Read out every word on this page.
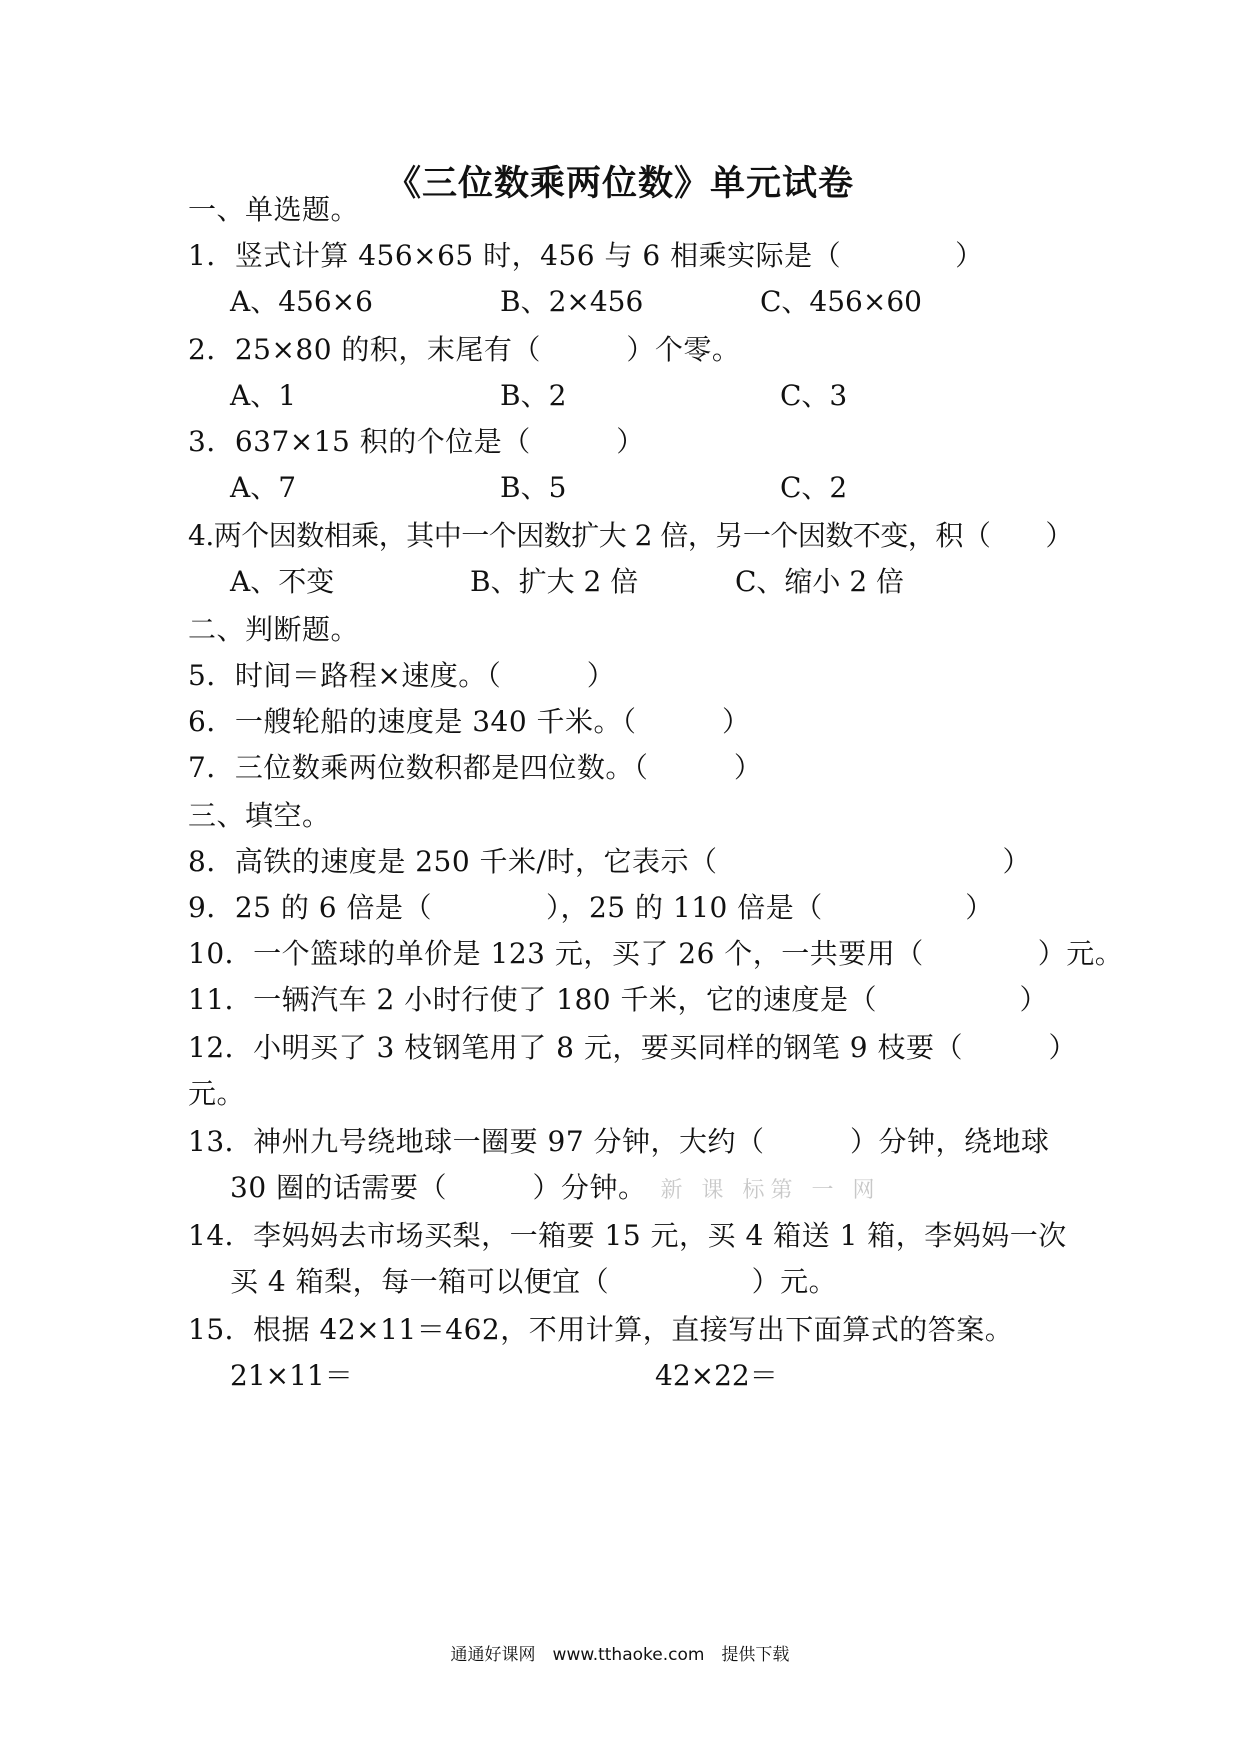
《三位数乘两位数》单元试卷
一、单选题。
1．竖式计算 456×65 时，456 与 6 相乘实际是（　　　　）
A、456×6	B、2×456	C、456×60
2．25×80 的积，末尾有（　　　）个零。
A、1	B、2	C、3
3．637×15 积的个位是（　　　）
A、7	B、5	C、2
4.两个因数相乘，其中一个因数扩大 2 倍，另一个因数不变，积（　　）
A、不变	B、扩大 2 倍	C、缩小 2 倍
二、判断题。
5．时间＝路程×速度。（　　　）
6．一艘轮船的速度是 340 千米。（　　　）
7．三位数乘两位数积都是四位数。（　　　）
三、填空。
8．高铁的速度是 250 千米/时，它表示（　　　　　　　　　　）
9．25 的 6 倍是（　　　　），25 的 110 倍是（　　　　　）
10．一个篮球的单价是 123 元，买了 26 个，一共要用（　　　　）元。
11．一辆汽车 2 小时行使了 180 千米，它的速度是（　　　　　）
12．小明买了 3 枝钢笔用了 8 元，要买同样的钢笔 9 枝要（　　　）
元。
13．神州九号绕地球一圈要 97 分钟，大约（　　　）分钟，绕地球
30 圈的话需要（　　　）分钟。 新 课 标第 一 网
14．李妈妈去市场买梨，一箱要 15 元，买 4 箱送 1 箱，李妈妈一次
买 4 箱梨，每一箱可以便宜（　　　　　）元。
15．根据 42×11＝462，不用计算，直接写出下面算式的答案。
21×11＝	42×22＝
通通好课网　www.tthaoke.com　提供下载
